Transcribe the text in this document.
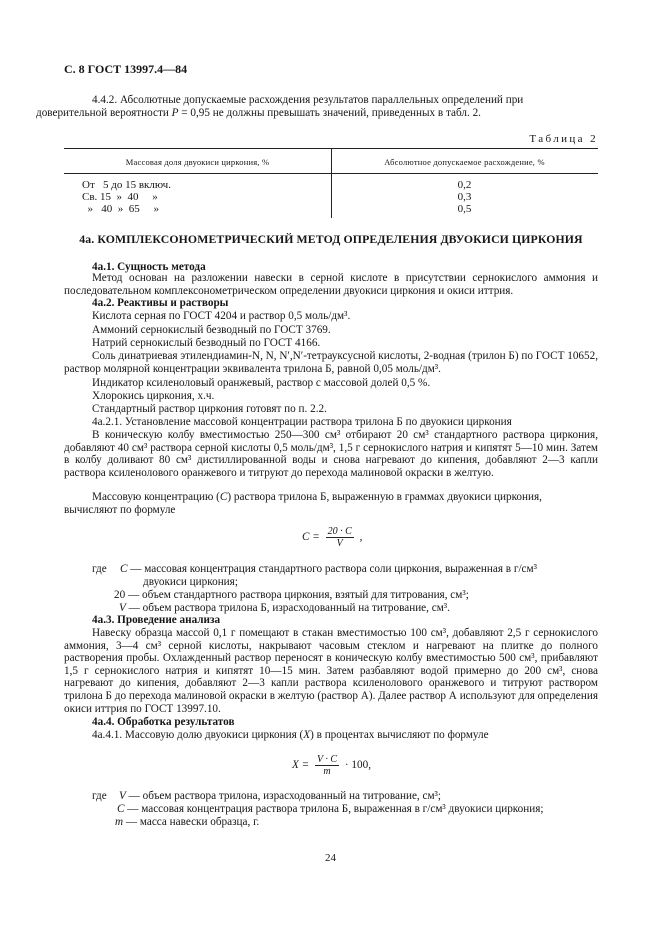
С. 8 ГОСТ 13997.4—84
4.4.2. Абсолютные допускаемые расхождения результатов параллельных определений при
доверительной вероятности P = 0,95 не должны превышать значений, приведенных в табл. 2.
Таблица 2
Массовая доля двуокиси циркония, %	Абсолютное допускаемое расхождение, %
От   5 до 15 включ.	0,2
Св. 15  »  40     »	0,3
»   40  »  65     »	0,5
4а. КОМПЛЕКСОНОМЕТРИЧЕСКИЙ МЕТОД ОПРЕДЕЛЕНИЯ ДВУОКИСИ ЦИРКОНИЯ
4а.1. Сущность метода
Метод основан на разложении навески в серной кислоте в присутствии сернокислого аммония и последовательном комплексонометрическом определении двуокиси циркония и окиси иттрия.
4а.2. Реактивы и растворы
Кислота серная по ГОСТ 4204 и раствор 0,5 моль/дм³.
Аммоний сернокислый безводный по ГОСТ 3769.
Натрий сернокислый безводный по ГОСТ 4166.
Соль динатриевая этилендиамин-N, N, N′,N′-тетрауксусной кислоты, 2-водная (трилон Б) по ГОСТ 10652, раствор молярной концентрации эквивалента трилона Б, равной 0,05 моль/дм³.
Индикатор ксиленоловый оранжевый, раствор с массовой долей 0,5 %.
Хлорокись циркония, х.ч.
Стандартный раствор циркония готовят по п. 2.2.
4а.2.1. Установление массовой концентрации раствора трилона Б по двуокиси циркония
В коническую колбу вместимостью 250—300 см³ отбирают 20 см³ стандартного раствора циркония, добавляют 40 см³ раствора серной кислоты 0,5 моль/дм³, 1,5 г сернокислого натрия и кипятят 5—10 мин. Затем в колбу доливают 80 см³ дистиллированной воды и снова нагревают до кипения, добавляют 2—3 капли раствора ксиленолового оранжевого и титруют до перехода малиновой окраски в желтую.
Массовую концентрацию (C) раствора трилона Б, выраженную в граммах двуокиси циркония,
вычисляют по формуле
$C = \frac{20 \cdot C}{V}$ ,
где C — массовая концентрация стандартного раствора соли циркония, выраженная в г/см³
двуокиси циркония;
20 — объем стандартного раствора циркония, взятый для титрования, см³;
V — объем раствора трилона Б, израсходованный на титрование, см³.
4а.3. Проведение анализа
Навеску образца массой 0,1 г помещают в стакан вместимостью 100 см³, добавляют 2,5 г сернокислого аммония, 3—4 см³ серной кислоты, накрывают часовым стеклом и нагревают на плитке до полного растворения пробы. Охлажденный раствор переносят в коническую колбу вместимостью 500 см³, прибавляют 1,5 г сернокислого натрия и кипятят 10—15 мин. Затем разбавляют водой примерно до 200 см³, снова нагревают до кипения, добавляют 2—3 капли раствора ксиленолового оранжевого и титруют раствором трилона Б до перехода малиновой окраски в желтую (раствор А). Далее раствор А используют для определения окиси иттрия по ГОСТ 13997.10.
4а.4. Обработка результатов
4а.4.1. Массовую долю двуокиси циркония (X) в процентах вычисляют по формуле
$X = \frac{V \cdot C}{m} \cdot 100$,
где V — объем раствора трилона, израсходованный на титрование, см³;
C — массовая концентрация раствора трилона Б, выраженная в г/см³ двуокиси циркония;
m — масса навески образца, г.
24
